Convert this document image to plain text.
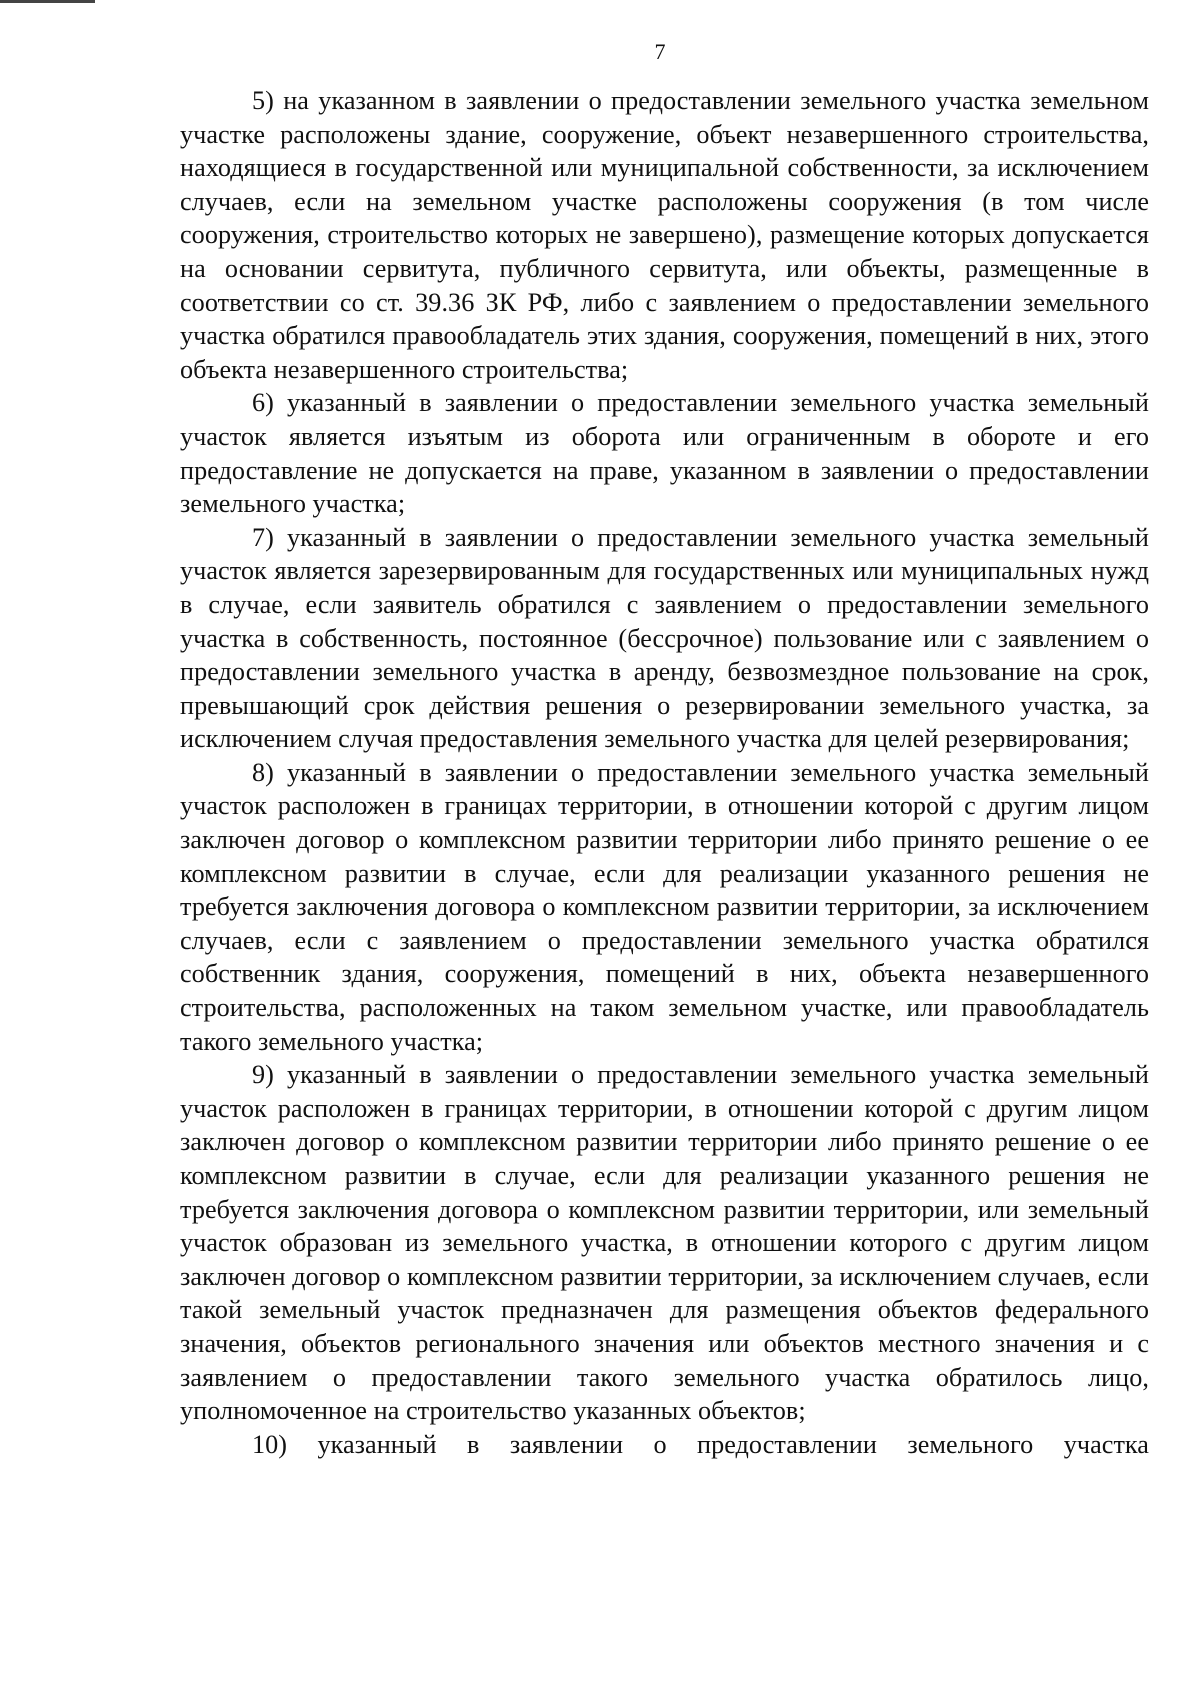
7

5) на указанном в заявлении о предоставлении земельного участка земельном участке расположены здание, сооружение, объект незавершенного строительства, находящиеся в государственной или муниципальной собственности, за исключением случаев, если на земельном участке расположены сооружения (в том числе сооружения, строительство которых не завершено), размещение которых допускается на основании сервитута, публичного сервитута, или объекты, размещенные в соответствии со ст. 39.36 ЗК РФ, либо с заявлением о предоставлении земельного участка обратился правообладатель этих здания, сооружения, помещений в них, этого объекта незавершенного строительства;

6) указанный в заявлении о предоставлении земельного участка земельный участок является изъятым из оборота или ограниченным в обороте и его предоставление не допускается на праве, указанном в заявлении о предоставлении земельного участка;

7) указанный в заявлении о предоставлении земельного участка земельный участок является зарезервированным для государственных или муниципальных нужд в случае, если заявитель обратился с заявлением о предоставлении земельного участка в собственность, постоянное (бессрочное) пользование или с заявлением о предоставлении земельного участка в аренду, безвозмездное пользование на срок, превышающий срок действия решения о резервировании земельного участка, за исключением случая предоставления земельного участка для целей резервирования;

8) указанный в заявлении о предоставлении земельного участка земельный участок расположен в границах территории, в отношении которой с другим лицом заключен договор о комплексном развитии территории либо принято решение о ее комплексном развитии в случае, если для реализации указанного решения не требуется заключения договора о комплексном развитии территории, за исключением случаев, если с заявлением о предоставлении земельного участка обратился собственник здания, сооружения, помещений в них, объекта незавершенного строительства, расположенных на таком земельном участке, или правообладатель такого земельного участка;

9) указанный в заявлении о предоставлении земельного участка земельный участок расположен в границах территории, в отношении которой с другим лицом заключен договор о комплексном развитии территории либо принято решение о ее комплексном развитии в случае, если для реализации указанного решения не требуется заключения договора о комплексном развитии территории, или земельный участок образован из земельного участка, в отношении которого с другим лицом заключен договор о комплексном развитии территории, за исключением случаев, если такой земельный участок предназначен для размещения объектов федерального значения, объектов регионального значения или объектов местного значения и с заявлением о предоставлении такого земельного участка обратилось лицо, уполномоченное на строительство указанных объектов;

10) указанный в заявлении о предоставлении земельного участка
